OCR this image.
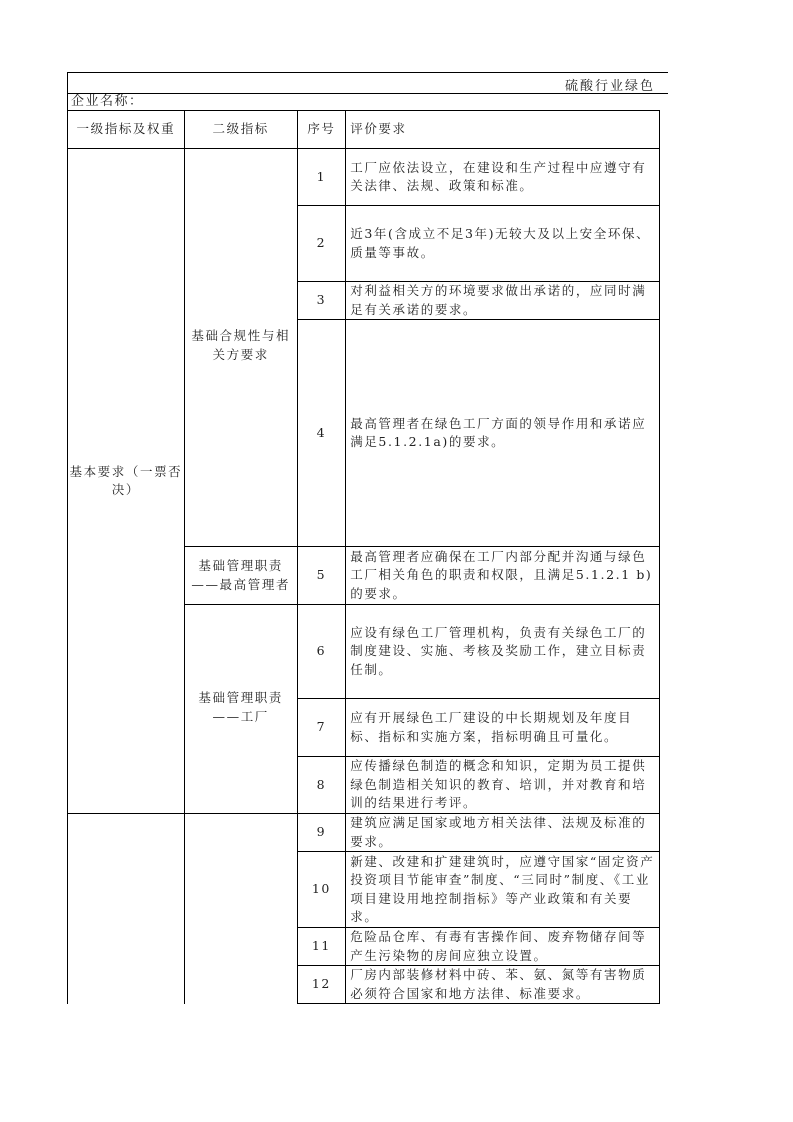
硫酸行业绿色
企业名称：
一级指标及权重	二级指标	序号	评价要求
基本要求（一票否决）	基础合规性与相关方要求	1	工厂应依法设立，在建设和生产过程中应遵守有关法律、法规、政策和标准。
		2	近3年(含成立不足3年)无较大及以上安全环保、质量等事故。
		3	对利益相关方的环境要求做出承诺的，应同时满足有关承诺的要求。
		4	最高管理者在绿色工厂方面的领导作用和承诺应满足5.1.2.1a)的要求。
	基础管理职责——最高管理者	5	最高管理者应确保在工厂内部分配并沟通与绿色工厂相关角色的职责和权限，且满足5.1.2.1 b)的要求。
	基础管理职责——工厂	6	应设有绿色工厂管理机构，负责有关绿色工厂的制度建设、实施、考核及奖励工作，建立目标责任制。
		7	应有开展绿色工厂建设的中长期规划及年度目标、指标和实施方案，指标明确且可量化。
		8	应传播绿色制造的概念和知识，定期为员工提供绿色制造相关知识的教育、培训，并对教育和培训的结果进行考评。
		9	建筑应满足国家或地方相关法律、法规及标准的要求。
		10	新建、改建和扩建建筑时，应遵守国家“固定资产投资项目节能审查”制度、“三同时”制度、《工业项目建设用地控制指标》等产业政策和有关要求。
		11	危险品仓库、有毒有害操作间、废弃物储存间等产生污染物的房间应独立设置。
		12	厂房内部装修材料中砖、苯、氨、氮等有害物质必须符合国家和地方法律、标准要求。
